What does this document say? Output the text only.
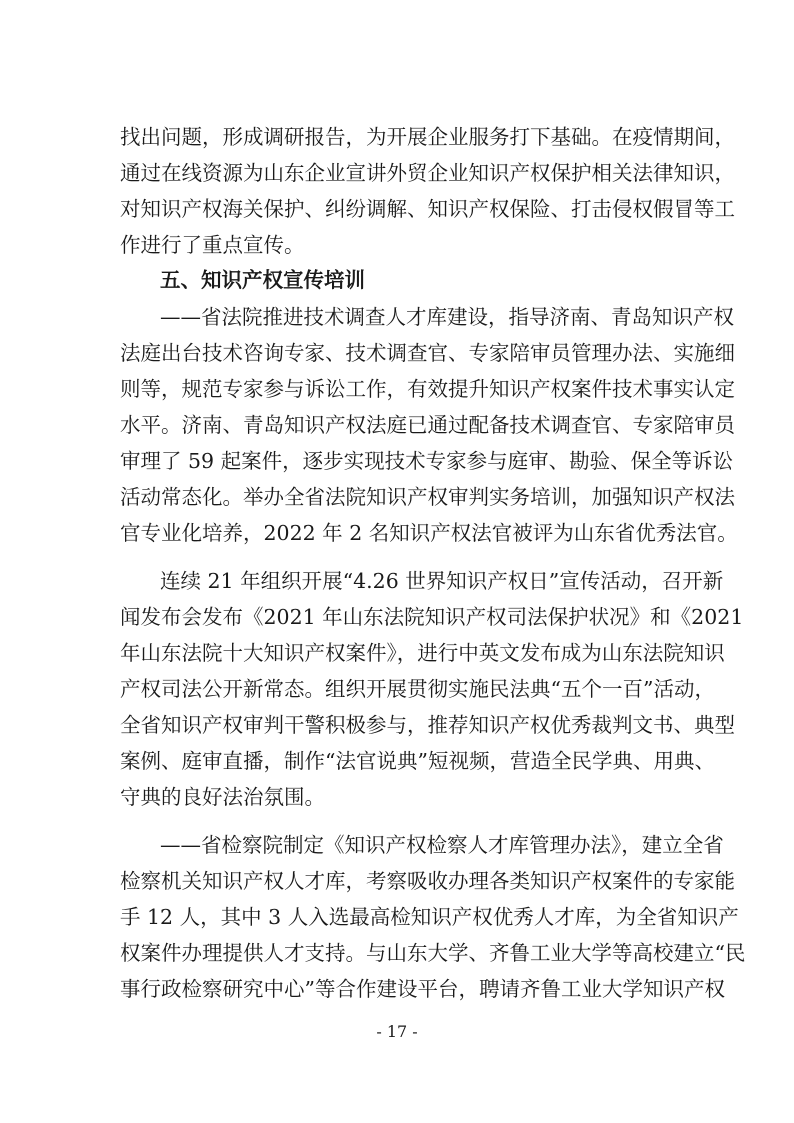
找出问题，形成调研报告，为开展企业服务打下基础。在疫情期间，
通过在线资源为山东企业宣讲外贸企业知识产权保护相关法律知识，
对知识产权海关保护、纠纷调解、知识产权保险、打击侵权假冒等工
作进行了重点宣传。
五、知识产权宣传培训
——省法院推进技术调查人才库建设，指导济南、青岛知识产权
法庭出台技术咨询专家、技术调查官、专家陪审员管理办法、实施细
则等，规范专家参与诉讼工作，有效提升知识产权案件技术事实认定
水平。济南、青岛知识产权法庭已通过配备技术调查官、专家陪审员
审理了 59 起案件，逐步实现技术专家参与庭审、勘验、保全等诉讼
活动常态化。举办全省法院知识产权审判实务培训，加强知识产权法
官专业化培养，2022 年 2 名知识产权法官被评为山东省优秀法官。
连续 21 年组织开展“4.26 世界知识产权日”宣传活动，召开新
闻发布会发布《2021 年山东法院知识产权司法保护状况》和《2021
年山东法院十大知识产权案件》，进行中英文发布成为山东法院知识
产权司法公开新常态。组织开展贯彻实施民法典“五个一百”活动，
全省知识产权审判干警积极参与，推荐知识产权优秀裁判文书、典型
案例、庭审直播，制作“法官说典”短视频，营造全民学典、用典、
守典的良好法治氛围。
——省检察院制定《知识产权检察人才库管理办法》，建立全省
检察机关知识产权人才库，考察吸收办理各类知识产权案件的专家能
手 12 人，其中 3 人入选最高检知识产权优秀人才库，为全省知识产
权案件办理提供人才支持。与山东大学、齐鲁工业大学等高校建立“民
事行政检察研究中心”等合作建设平台，聘请齐鲁工业大学知识产权
- 17 -
